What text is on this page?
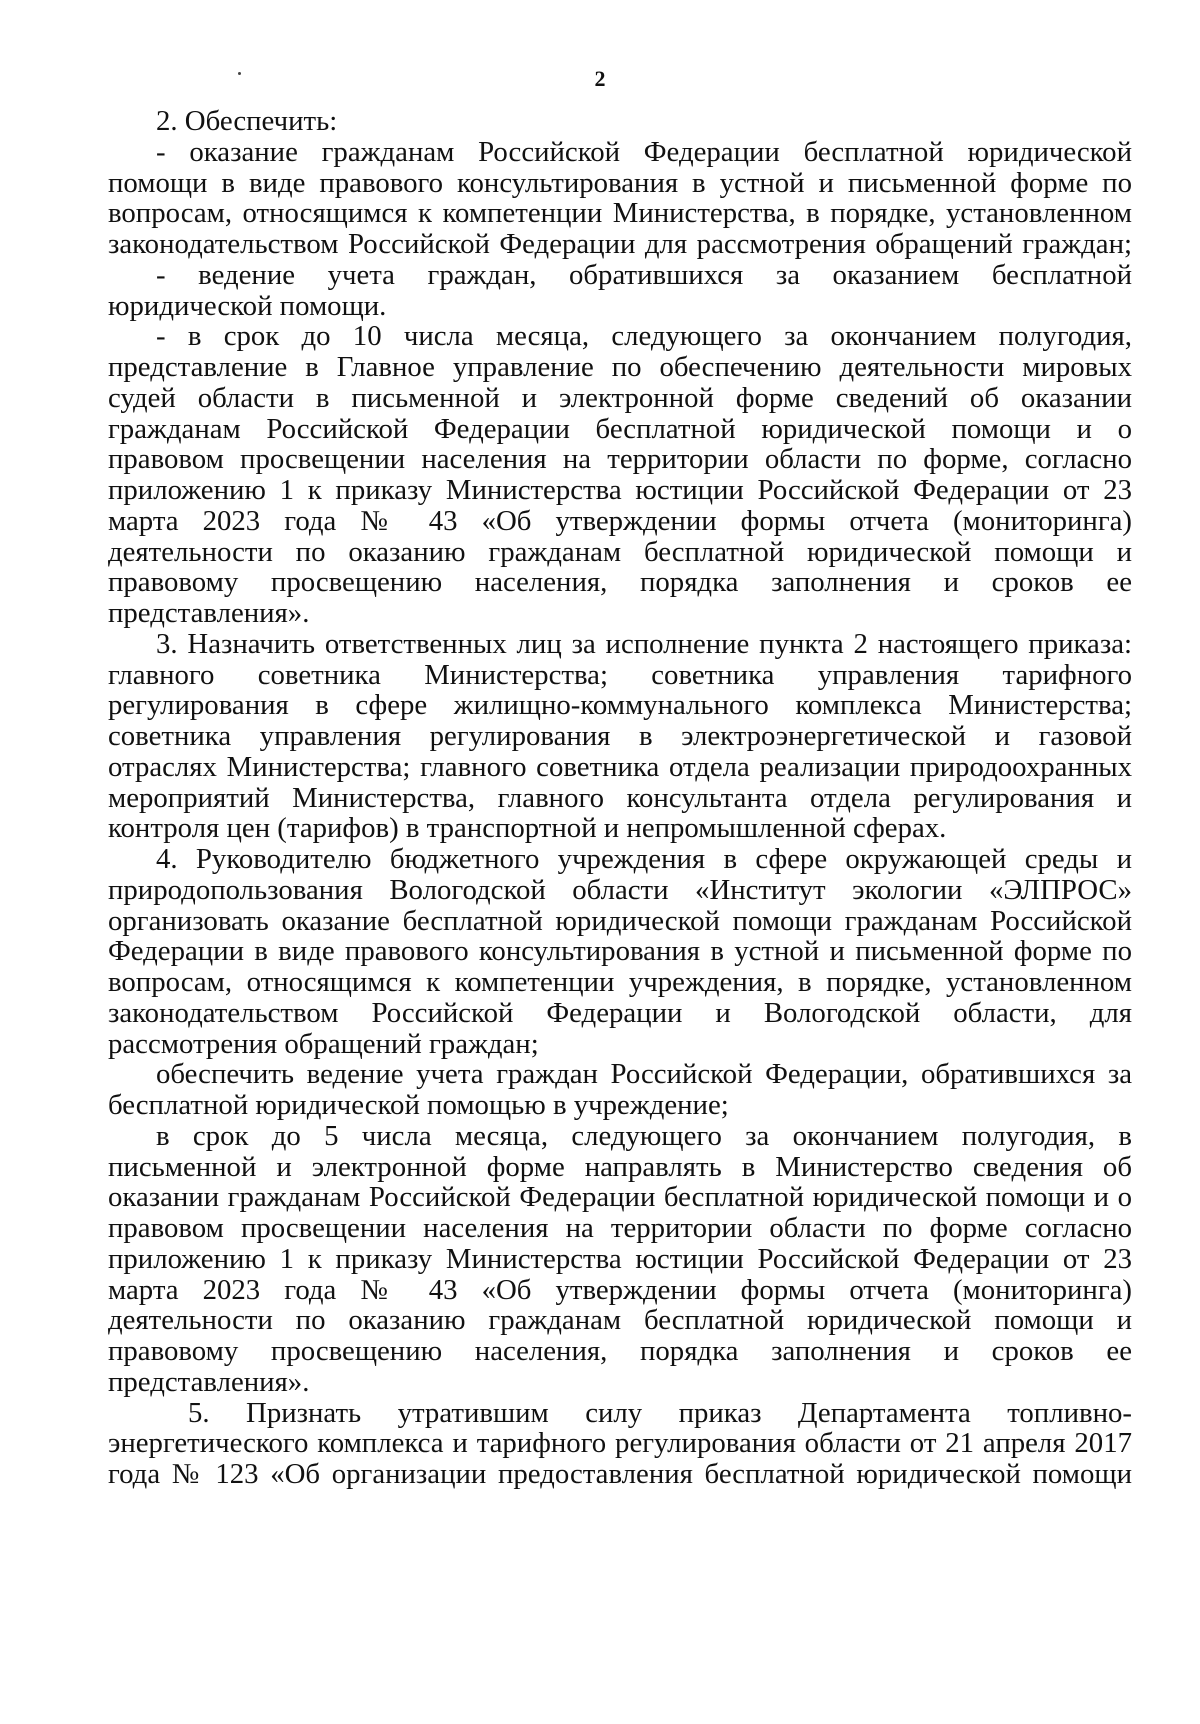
2
2. Обеспечить:
- оказание гражданам Российской Федерации бесплатной юридической
помощи в виде правового консультирования в устной и письменной форме по
вопросам, относящимся к компетенции Министерства, в порядке, установленном
законодательством Российской Федерации для рассмотрения обращений граждан;
- ведение учета граждан, обратившихся за оказанием бесплатной
юридической помощи.
- в срок до 10 числа месяца, следующего за окончанием полугодия,
представление в Главное управление по обеспечению деятельности мировых
судей области в письменной и электронной форме сведений об оказании
гражданам Российской Федерации бесплатной юридической помощи и о
правовом просвещении населения на территории области по форме, согласно
приложению 1 к приказу Министерства юстиции Российской Федерации от 23
марта 2023 года № 43 «Об утверждении формы отчета (мониторинга)
деятельности по оказанию гражданам бесплатной юридической помощи и
правовому просвещению населения, порядка заполнения и сроков ее
представления».
3. Назначить ответственных лиц за исполнение пункта 2 настоящего приказа:
главного советника Министерства; советника управления тарифного
регулирования в сфере жилищно-коммунального комплекса Министерства;
советника управления регулирования в электроэнергетической и газовой
отраслях Министерства; главного советника отдела реализации природоохранных
мероприятий Министерства, главного консультанта отдела регулирования и
контроля цен (тарифов) в транспортной и непромышленной сферах.
4. Руководителю бюджетного учреждения в сфере окружающей среды и
природопользования Вологодской области «Институт экологии «ЭЛПРОС»
организовать оказание бесплатной юридической помощи гражданам Российской
Федерации в виде правового консультирования в устной и письменной форме по
вопросам, относящимся к компетенции учреждения, в порядке, установленном
законодательством Российской Федерации и Вологодской области, для
рассмотрения обращений граждан;
обеспечить ведение учета граждан Российской Федерации, обратившихся за
бесплатной юридической помощью в учреждение;
в срок до 5 числа месяца, следующего за окончанием полугодия, в
письменной и электронной форме направлять в Министерство сведения об
оказании гражданам Российской Федерации бесплатной юридической помощи и о
правовом просвещении населения на территории области по форме согласно
приложению 1 к приказу Министерства юстиции Российской Федерации от 23
марта 2023 года № 43 «Об утверждении формы отчета (мониторинга)
деятельности по оказанию гражданам бесплатной юридической помощи и
правовому просвещению населения, порядка заполнения и сроков ее
представления».
5. Признать утратившим силу приказ Департамента топливно-
энергетического комплекса и тарифного регулирования области от 21 апреля 2017
года № 123 «Об организации предоставления бесплатной юридической помощи
